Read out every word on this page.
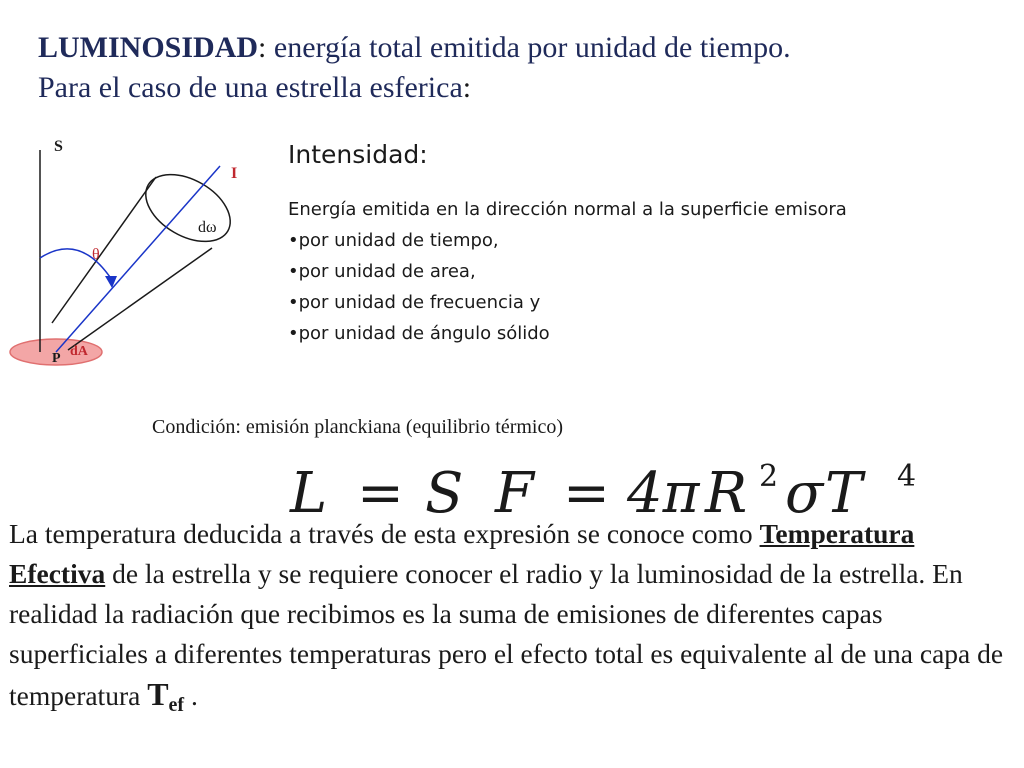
LUMINOSIDAD: energía total emitida por unidad de tiempo.
Para el caso de una estrella esferica:
S
I
θ
dω
P dA
Intensidad:
Energía emitida en la dirección normal a la superficie emisora
•por unidad de tiempo,
•por unidad de area,
•por unidad de frecuencia y
•por unidad de ángulo sólido
Condición: emisión planckiana (equilibrio térmico)
L = S F = 4π R 2 σ T 4
La temperatura deducida a través de esta expresión se conoce como Temperatura Efectiva de la estrella y se requiere conocer el radio y la luminosidad de la estrella. En realidad la radiación que recibimos es la suma de emisiones de diferentes capas superficiales a diferentes temperaturas pero el efecto total es equivalente al de una capa de temperatura $T_{ef}$ .
